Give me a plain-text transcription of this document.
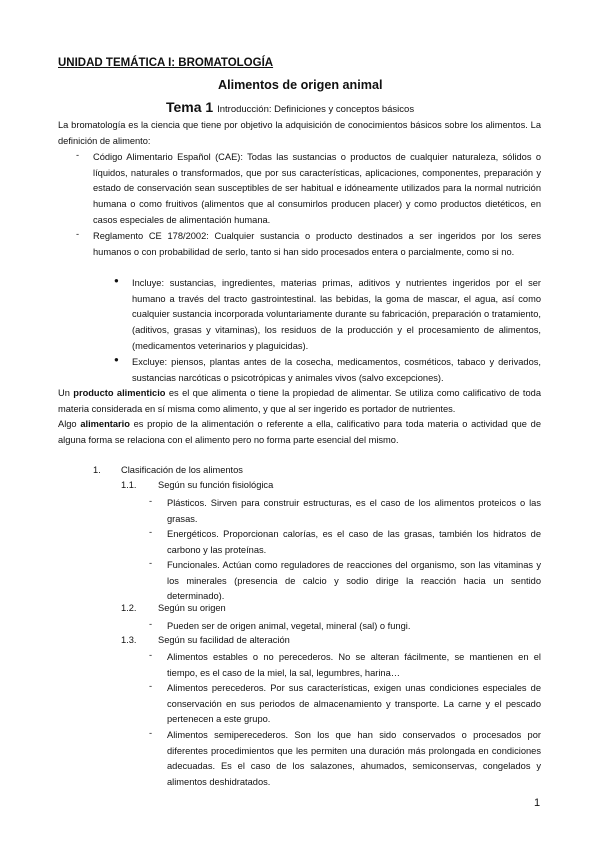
UNIDAD TEMÁTICA I: BROMATOLOGÍA

Alimentos de origen animal

Tema 1 Introducción: Definiciones y conceptos básicos

La bromatología es la ciencia que tiene por objetivo la adquisición de conocimientos básicos sobre los alimentos. La definición de alimento:

- Código Alimentario Español (CAE): Todas las sustancias o productos de cualquier naturaleza, sólidos o líquidos, naturales o transformados, que por sus características, aplicaciones, componentes, preparación y estado de conservación sean susceptibles de ser habitual e idóneamente utilizados para la normal nutrición humana o como fruitivos (alimentos que al consumirlos producen placer) y como productos dietéticos, en casos especiales de alimentación humana.

- Reglamento CE 178/2002: Cualquier sustancia o producto destinados a ser ingeridos por los seres humanos o con probabilidad de serlo, tanto si han sido procesados entera o parcialmente, como si no.

● Incluye: sustancias, ingredientes, materias primas, aditivos y nutrientes ingeridos por el ser humano a través del tracto gastrointestinal. las bebidas, la goma de mascar, el agua, así como cualquier sustancia incorporada voluntariamente durante su fabricación, preparación o tratamiento, (aditivos, grasas y vitaminas), los residuos de la producción y el procesamiento de alimentos, (medicamentos veterinarios y plaguicidas).

● Excluye: piensos, plantas antes de la cosecha, medicamentos, cosméticos, tabaco y derivados, sustancias narcóticas o psicotrópicas y animales vivos (salvo excepciones).

Un producto alimenticio es el que alimenta o tiene la propiedad de alimentar. Se utiliza como calificativo de toda materia considerada en sí misma como alimento, y que al ser ingerido es portador de nutrientes.

Algo alimentario es propio de la alimentación o referente a ella, calificativo para toda materia o actividad que de alguna forma se relaciona con el alimento pero no forma parte esencial del mismo.

1. Clasificación de los alimentos
1.1. Según su función fisiológica
- Plásticos. Sirven para construir estructuras, es el caso de los alimentos proteicos o las grasas.

- Energéticos. Proporcionan calorías, es el caso de las grasas, también los hidratos de carbono y las proteínas.

- Funcionales. Actúan como reguladores de reacciones del organismo, son las vitaminas y los minerales (presencia de calcio y sodio dirige la reacción hacia un sentido determinado).

1.2. Según su origen
- Pueden ser de origen animal, vegetal, mineral (sal) o fungi.

1.3. Según su facilidad de alteración
- Alimentos estables o no perecederos. No se alteran fácilmente, se mantienen en el tiempo, es el caso de la miel, la sal, legumbres, harina…

- Alimentos perecederos. Por sus características, exigen unas condiciones especiales de conservación en sus periodos de almacenamiento y transporte. La carne y el pescado pertenecen a este grupo.

- Alimentos semiperecederos. Son los que han sido conservados o procesados por diferentes procedimientos que les permiten una duración más prolongada en condiciones adecuadas. Es el caso de los salazones, ahumados, semiconservas, congelados y alimentos deshidratados.

1
